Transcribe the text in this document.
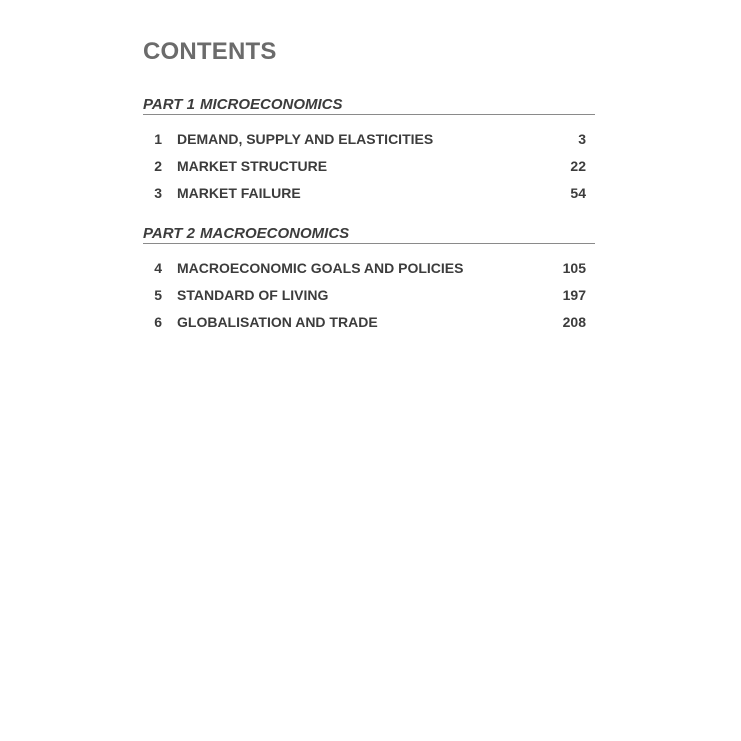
CONTENTS
PART 1 MICROECONOMICS
1 DEMAND, SUPPLY AND ELASTICITIES	3
2 MARKET STRUCTURE	22
3 MARKET FAILURE	54
PART 2 MACROECONOMICS
4 MACROECONOMIC GOALS AND POLICIES	105
5 STANDARD OF LIVING	197
6 GLOBALISATION AND TRADE	208
